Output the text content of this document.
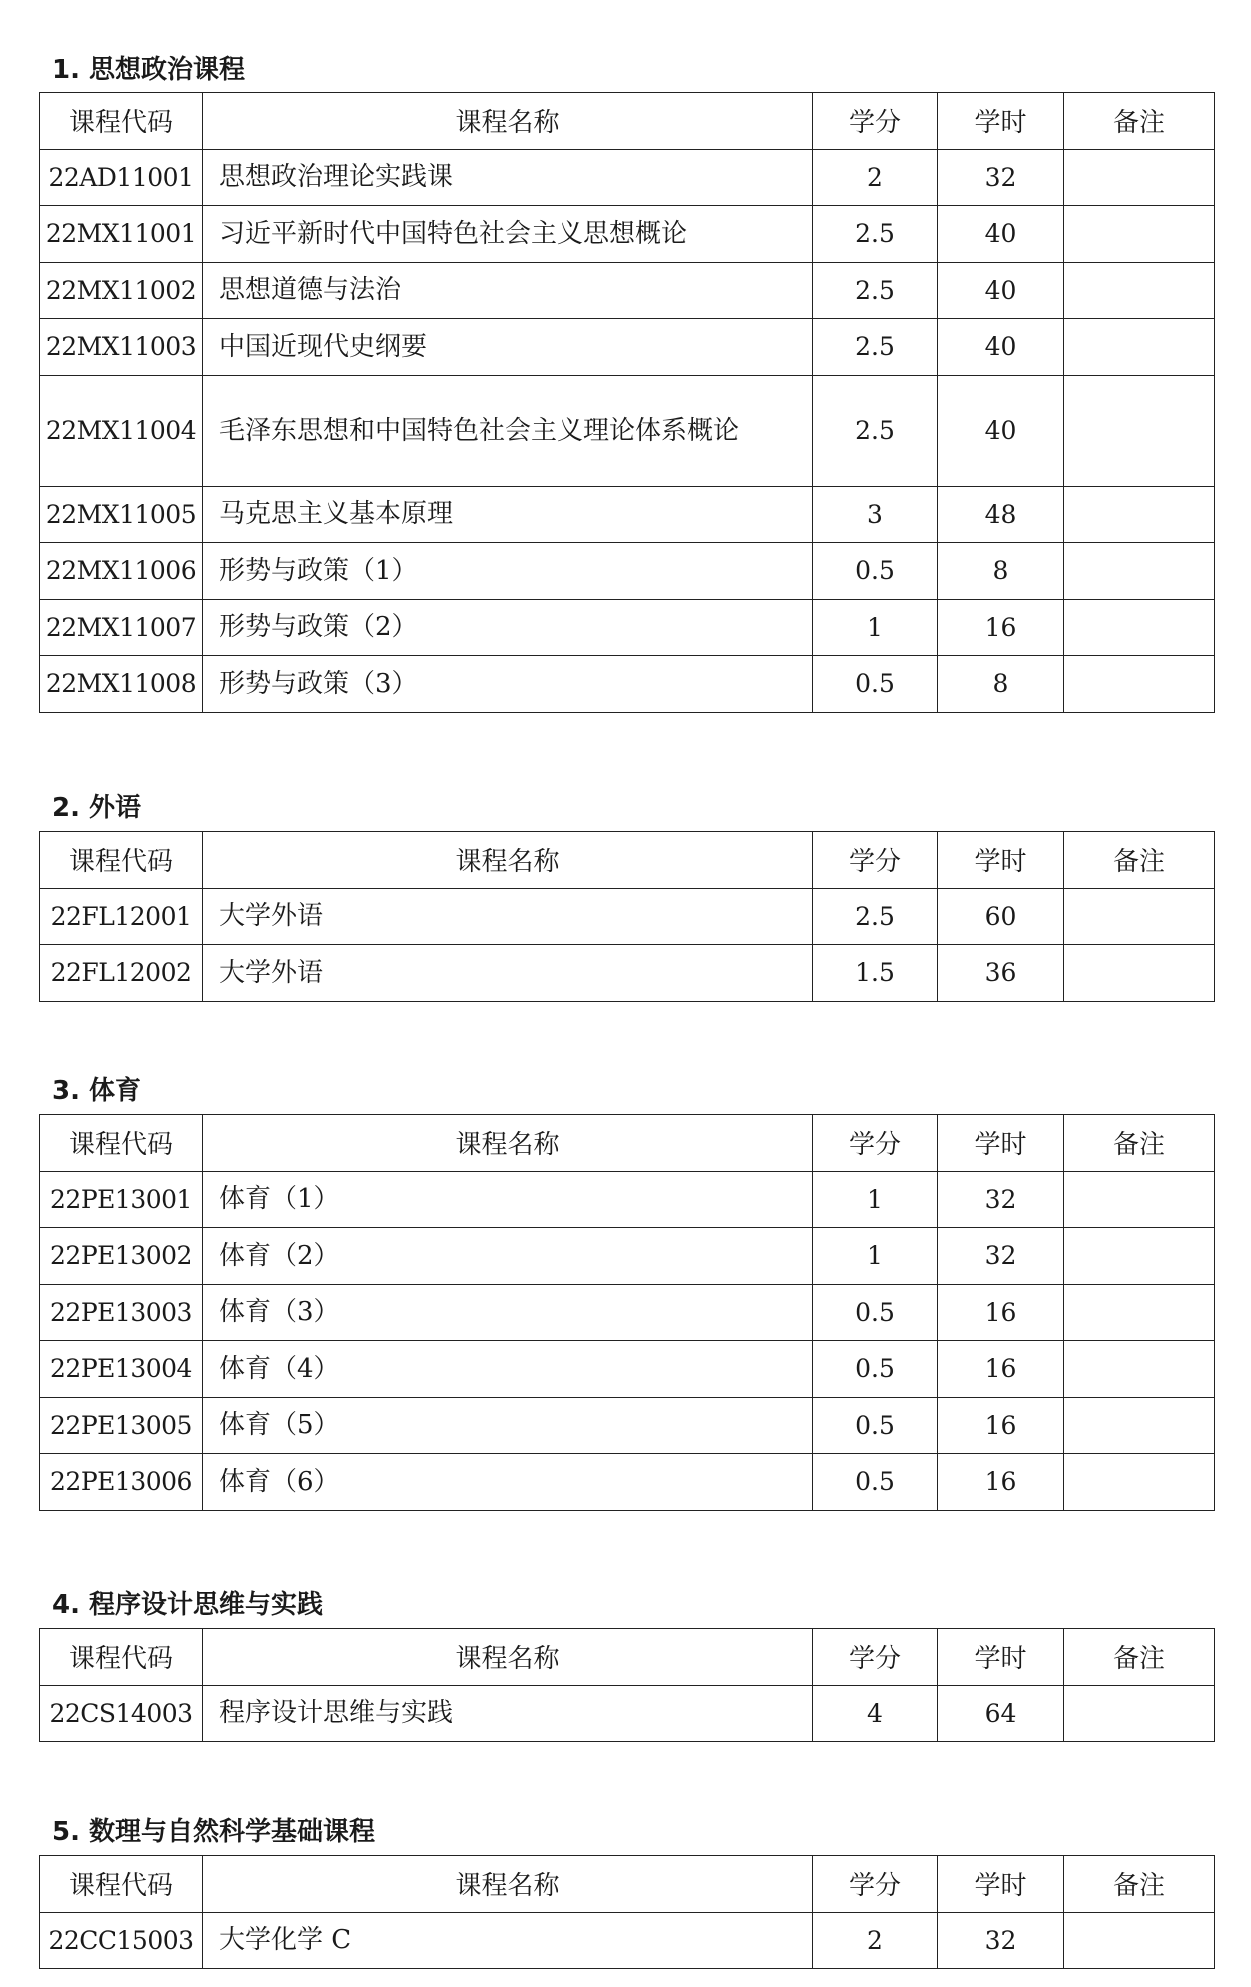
1. 思想政治课程
课程代码	课程名称	学分	学时	备注
22AD11001	思想政治理论实践课	2	32	
22MX11001	习近平新时代中国特色社会主义思想概论	2.5	40	
22MX11002	思想道德与法治	2.5	40	
22MX11003	中国近现代史纲要	2.5	40	
22MX11004	毛泽东思想和中国特色社会主义理论体系概论	2.5	40	
22MX11005	马克思主义基本原理	3	48	
22MX11006	形势与政策（1）	0.5	8	
22MX11007	形势与政策（2）	1	16	
22MX11008	形势与政策（3）	0.5	8	
2. 外语
课程代码	课程名称	学分	学时	备注
22FL12001	大学外语	2.5	60	
22FL12002	大学外语	1.5	36	
3. 体育
课程代码	课程名称	学分	学时	备注
22PE13001	体育（1）	1	32	
22PE13002	体育（2）	1	32	
22PE13003	体育（3）	0.5	16	
22PE13004	体育（4）	0.5	16	
22PE13005	体育（5）	0.5	16	
22PE13006	体育（6）	0.5	16	
4. 程序设计思维与实践
课程代码	课程名称	学分	学时	备注
22CS14003	程序设计思维与实践	4	64	
5. 数理与自然科学基础课程
课程代码	课程名称	学分	学时	备注
22CC15003	大学化学 C	2	32	
